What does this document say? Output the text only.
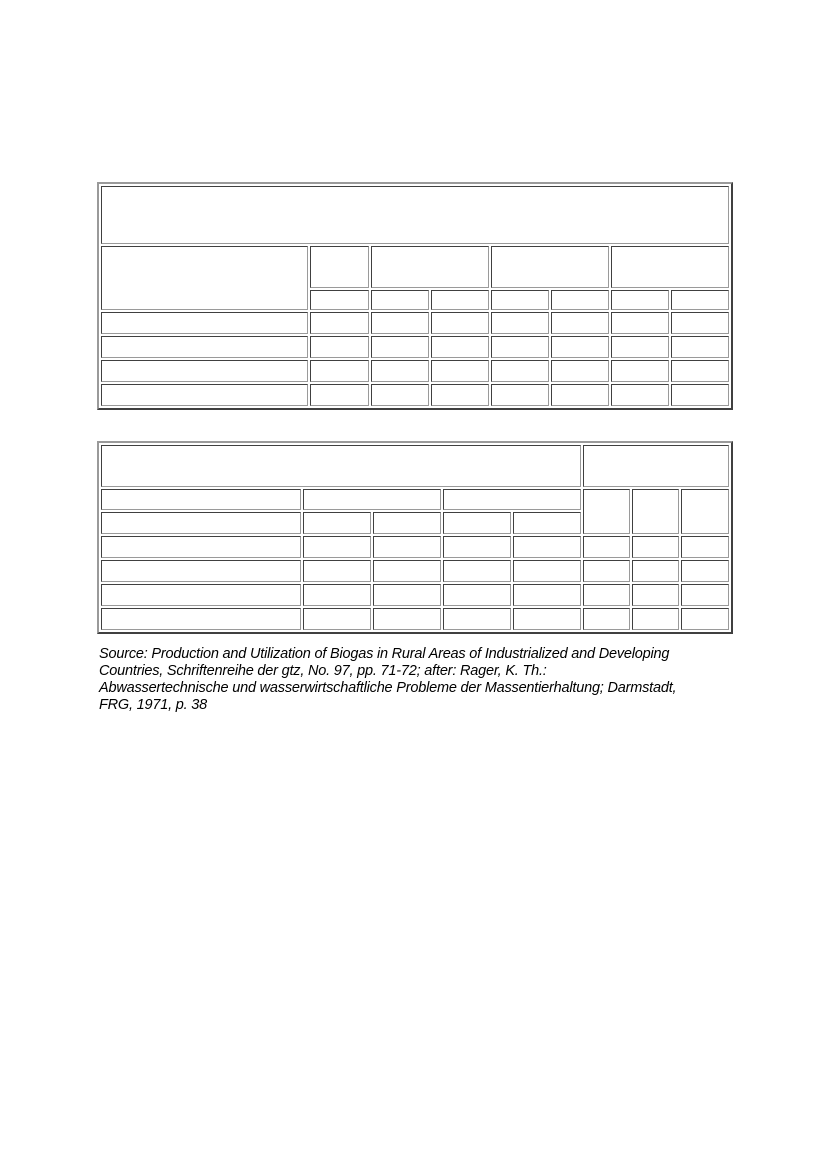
Source: Production and Utilization of Biogas in Rural Areas of Industrialized and Developing
Countries, Schriftenreihe der gtz, No. 97, pp. 71-72; after: Rager, K. Th.:
Abwassertechnische und wasserwirtschaftliche Probleme der Massentierhaltung; Darmstadt,
FRG, 1971, p. 38
